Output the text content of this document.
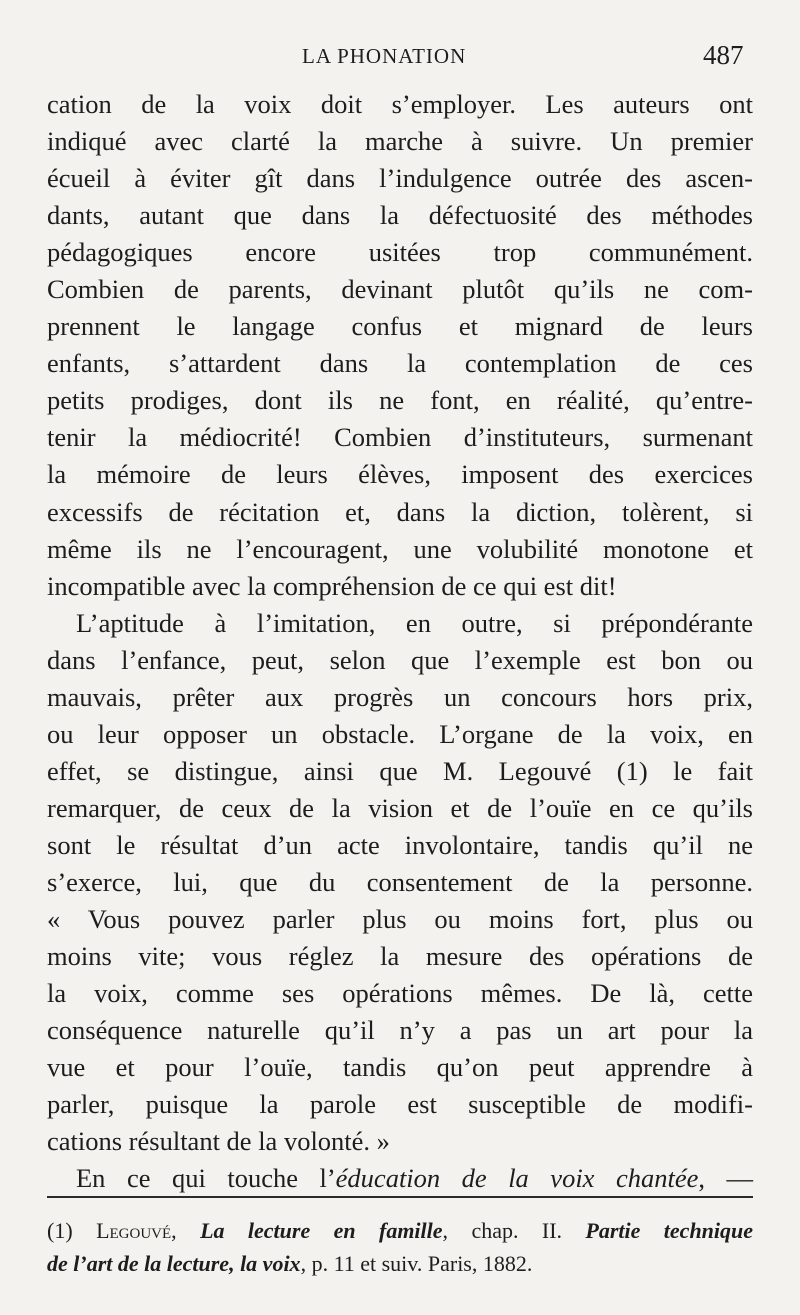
LA PHONATION	487
cation de la voix doit s’employer. Les auteurs ont
indiqué avec clarté la marche à suivre. Un premier
écueil à éviter gît dans l’indulgence outrée des ascen-
dants, autant que dans la défectuosité des méthodes
pédagogiques encore usitées trop communément.
Combien de parents, devinant plutôt qu’ils ne com-
prennent le langage confus et mignard de leurs
enfants, s’attardent dans la contemplation de ces
petits prodiges, dont ils ne font, en réalité, qu’entre-
tenir la médiocrité! Combien d’instituteurs, surmenant
la mémoire de leurs élèves, imposent des exercices
excessifs de récitation et, dans la diction, tolèrent, si
même ils ne l’encouragent, une volubilité monotone et
incompatible avec la compréhension de ce qui est dit!
L’aptitude à l’imitation, en outre, si prépondérante
dans l’enfance, peut, selon que l’exemple est bon ou
mauvais, prêter aux progrès un concours hors prix,
ou leur opposer un obstacle. L’organe de la voix, en
effet, se distingue, ainsi que M. Legouvé (1) le fait
remarquer, de ceux de la vision et de l’ouïe en ce qu’ils
sont le résultat d’un acte involontaire, tandis qu’il ne
s’exerce, lui, que du consentement de la personne.
« Vous pouvez parler plus ou moins fort, plus ou
moins vite; vous réglez la mesure des opérations de
la voix, comme ses opérations mêmes. De là, cette
conséquence naturelle qu’il n’y a pas un art pour la
vue et pour l’ouïe, tandis qu’on peut apprendre à
parler, puisque la parole est susceptible de modifi-
cations résultant de la volonté. »
En ce qui touche l’éducation de la voix chantée, —
(1) Legouvé, La lecture en famille, chap. II. Partie technique
de l’art de la lecture, la voix, p. 11 et suiv. Paris, 1882.
